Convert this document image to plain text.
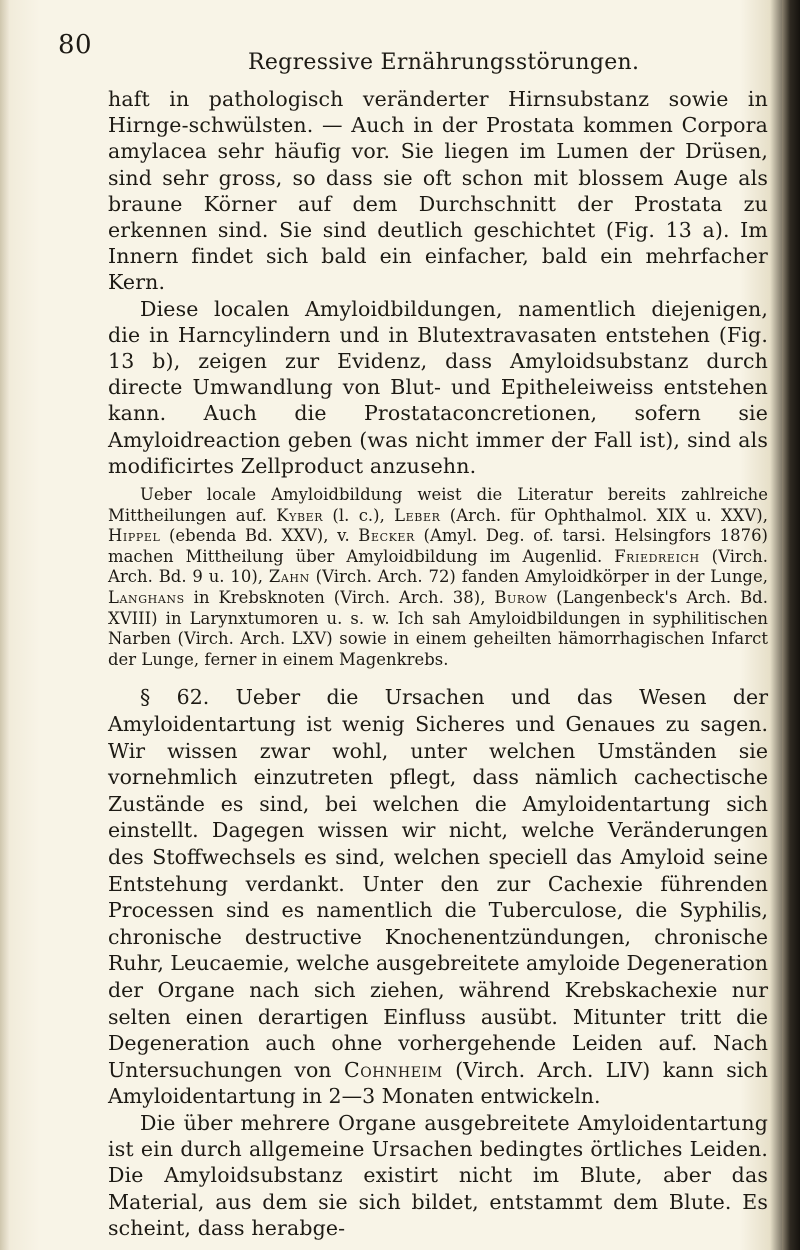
80
Regressive Ernährungsstörungen.

haft in pathologisch veränderter Hirnsubstanz sowie in Hirnge-schwülsten. — Auch in der Prostata kommen Corpora amylacea sehr häufig vor. Sie liegen im Lumen der Drüsen, sind sehr gross, so dass sie oft schon mit blossem Auge als braune Körner auf dem Durchschnitt der Prostata zu erkennen sind. Sie sind deutlich geschichtet (Fig. 13 a). Im Innern findet sich bald ein einfacher, bald ein mehrfacher Kern.

Diese localen Amyloidbildungen, namentlich diejenigen, die in Harncylindern und in Blutextravasaten entstehen (Fig. 13 b), zeigen zur Evidenz, dass Amyloidsubstanz durch directe Umwandlung von Blut- und Epitheleiweiss entstehen kann. Auch die Prostataconcretionen, sofern sie Amyloidreaction geben (was nicht immer der Fall ist), sind als modificirtes Zellproduct anzusehn.

Ueber locale Amyloidbildung weist die Literatur bereits zahlreiche Mittheilungen auf. Kyber (l. c.), Leber (Arch. für Ophthalmol. XIX u. XXV), Hippel (ebenda Bd. XXV), v. Becker (Amyl. Deg. of. tarsi. Helsingfors 1876) machen Mittheilung über Amyloidbildung im Augenlid. Friedreich (Virch. Arch. Bd. 9 u. 10), Zahn (Virch. Arch. 72) fanden Amyloidkörper in der Lunge, Langhans in Krebsknoten (Virch. Arch. 38), Burow (Langenbeck's Arch. Bd. XVIII) in Larynxtumoren u. s. w. Ich sah Amyloidbildungen in syphilitischen Narben (Virch. Arch. LXV) sowie in einem geheilten hämorrhagischen Infarct der Lunge, ferner in einem Magenkrebs.

§ 62. Ueber die Ursachen und das Wesen der Amyloidentartung ist wenig Sicheres und Genaues zu sagen. Wir wissen zwar wohl, unter welchen Umständen sie vornehmlich einzutreten pflegt, dass nämlich cachectische Zustände es sind, bei welchen die Amyloidentartung sich einstellt. Dagegen wissen wir nicht, welche Veränderungen des Stoffwechsels es sind, welchen speciell das Amyloid seine Entstehung verdankt. Unter den zur Cachexie führenden Processen sind es namentlich die Tuberculose, die Syphilis, chronische destructive Knochenentzündungen, chronische Ruhr, Leucaemie, welche ausgebreitete amyloide Degeneration der Organe nach sich ziehen, während Krebskachexie nur selten einen derartigen Einfluss ausübt. Mitunter tritt die Degeneration auch ohne vorhergehende Leiden auf. Nach Untersuchungen von Cohnheim (Virch. Arch. LIV) kann sich Amyloidentartung in 2—3 Monaten entwickeln.

Die über mehrere Organe ausgebreitete Amyloidentartung ist ein durch allgemeine Ursachen bedingtes örtliches Leiden. Die Amyloidsubstanz existirt nicht im Blute, aber das Material, aus dem sie sich bildet, entstammt dem Blute. Es scheint, dass herabge-
